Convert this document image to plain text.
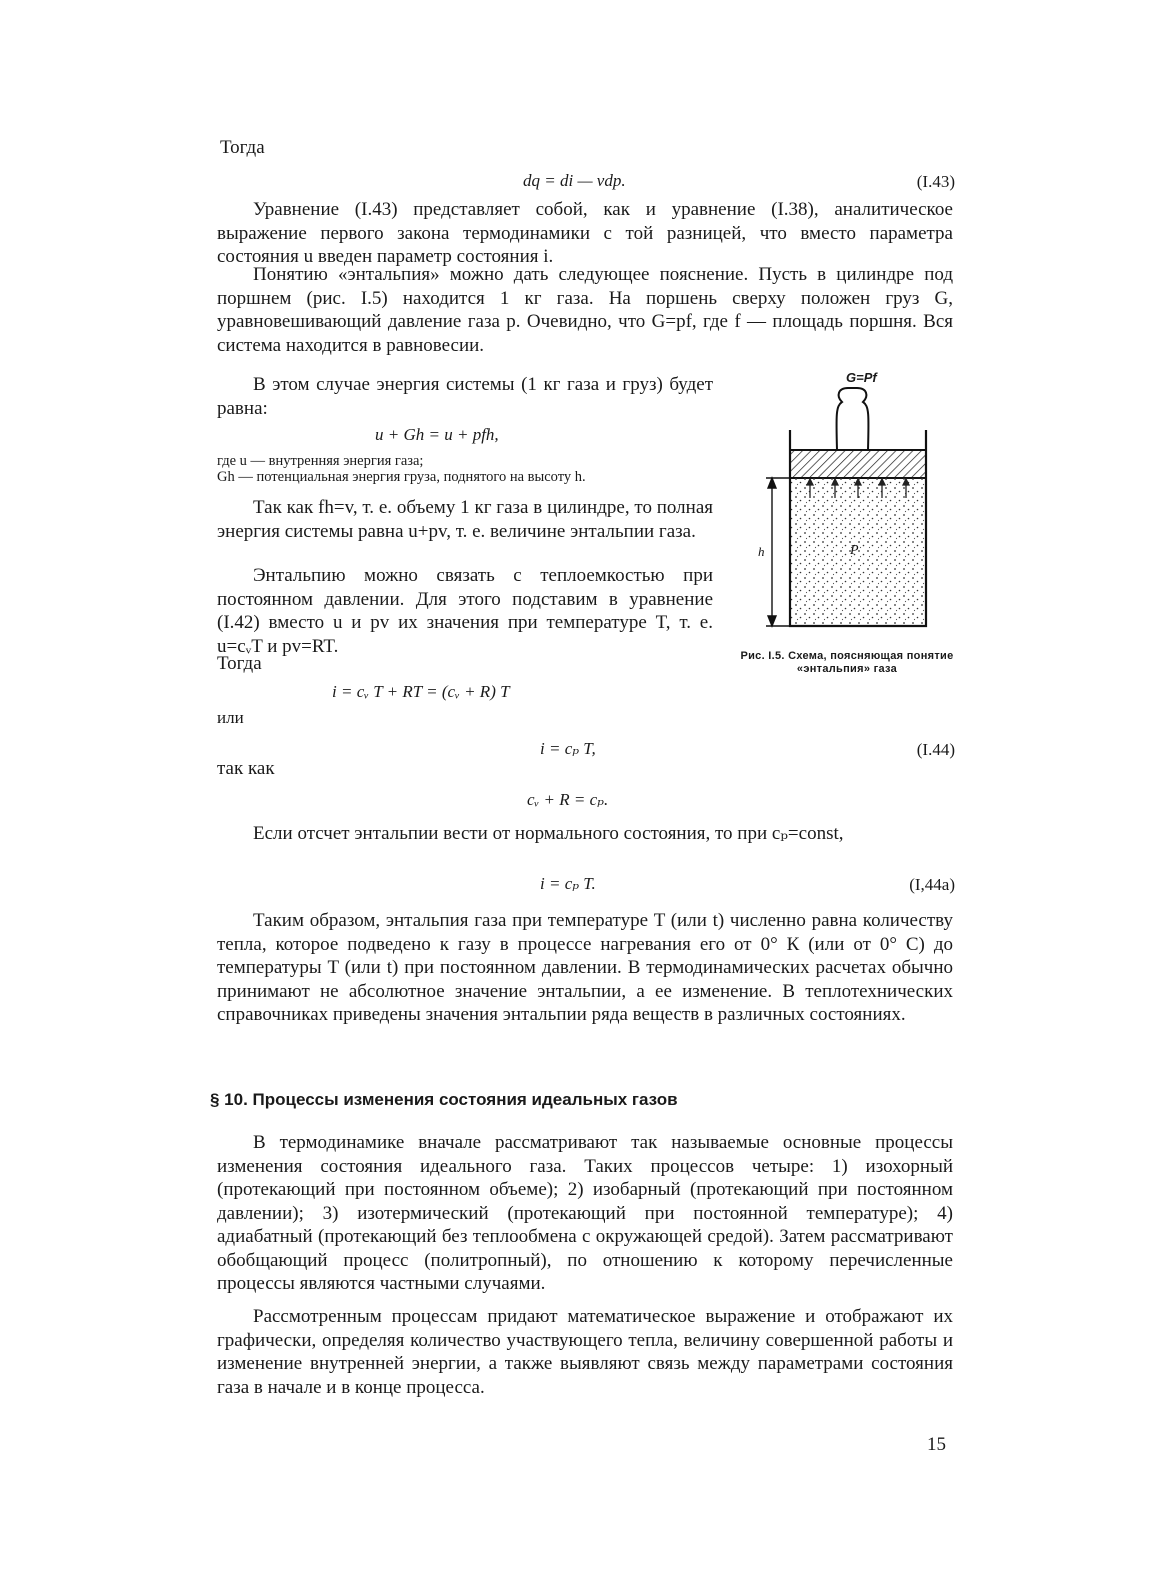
Тогда
dq = di — vdp.	(I.43)
Уравнение (I.43) представляет собой, как и уравнение (I.38), аналитическое выражение первого закона термодинамики с той разницей, что вместо параметра состояния u введен параметр состояния i.
Понятию «энтальпия» можно дать следующее пояснение. Пусть в цилиндре под поршнем (рис. I.5) находится 1 кг газа. На поршень сверху положен груз G, уравновешивающий давление газа p. Очевидно, что G=pf, где f — площадь поршня. Вся система находится в равновесии.
В этом случае энергия системы (1 кг газа и груз) будет равна:
u + Gh = u + pfh,
где u — внутренняя энергия газа;
Gh — потенциальная энергия груза, поднятого на высоту h.
Так как fh=v, т. е. объему 1 кг газа в цилиндре, то полная энергия системы равна u+pv, т. е. величине энтальпии газа.
Энтальпию можно связать с теплоемкостью при постоянном давлении. Для этого подставим в уравнение (I.42) вместо u и pv их значения при температуре T, т. е. u=cᵥT и pv=RT.
Тогда
i = cᵥ T + RT = (cᵥ + R) T
или
i = cₚ T,	(I.44)
так как
cᵥ + R = cₚ.
Если отсчет энтальпии вести от нормального состояния, то при cₚ=const,
i = cₚ T.	(I,44a)
Таким образом, энтальпия газа при температуре T (или t) численно равна количеству тепла, которое подведено к газу в процессе нагревания его от 0° К (или от 0° С) до температуры T (или t) при постоянном давлении. В термодинамических расчетах обычно принимают не абсолютное значение энтальпии, а ее изменение. В теплотехнических справочниках приведены значения энтальпии ряда веществ в различных состояниях.
§ 10. Процессы изменения состояния идеальных газов
В термодинамике вначале рассматривают так называемые основные процессы изменения состояния идеального газа. Таких процессов четыре: 1) изохорный (протекающий при постоянном объеме); 2) изобарный (протекающий при постоянном давлении); 3) изотермический (протекающий при постоянной температуре); 4) адиабатный (протекающий без теплообмена с окружающей средой). Затем рассматривают обобщающий процесс (политропный), по отношению к которому перечисленные процессы являются частными случаями.
Рассмотренным процессам придают математическое выражение и отображают их графически, определяя количество участвующего тепла, величину совершенной работы и изменение внутренней энергии, а также выявляют связь между параметрами состояния газа в начале и в конце процесса.
15
h	P
G=Pf
Рис. I.5. Схема, поясняющая понятие «энтальпия» газа
